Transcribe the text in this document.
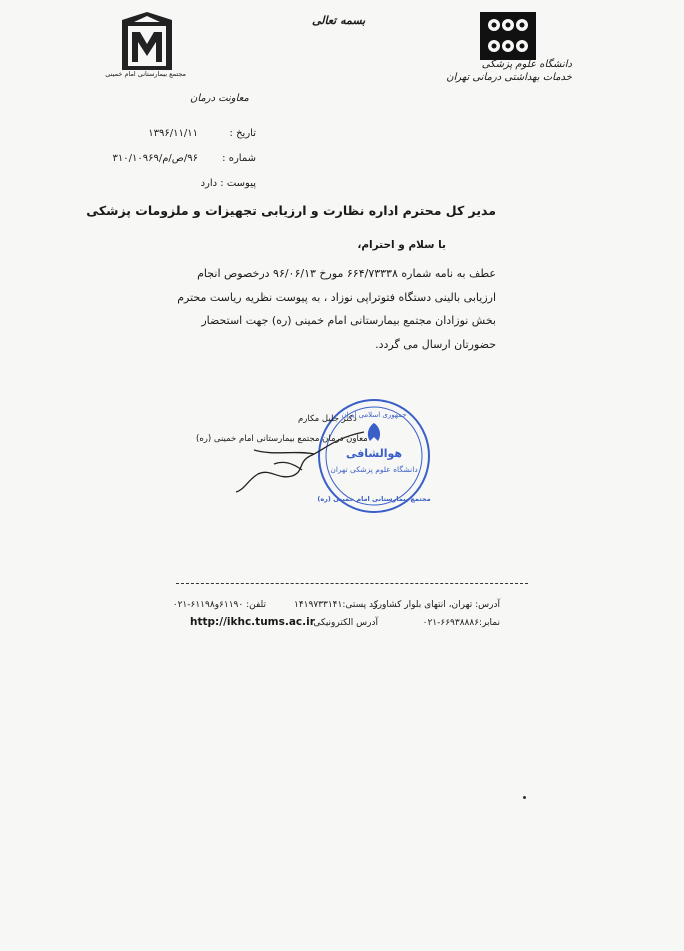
دانشگاه علوم پزشکی
خدمات بهداشتی درمانی تهران
مجتمع بیمارستانی امام خمینی
بسمه تعالی
معاونت درمان
تاریخ :
۱۳۹۶/۱۱/۱۱
شماره :
۹۶/ص/م/۳۱۰/۱۰۹۶۹
پیوست : دارد
مدیر کل محترم اداره نظارت و ارزیابی تجهیزات و ملزومات پزشکی
با سلام و احترام،
عطف به نامه شماره ۶۶۴/۷۳۳۳۸ مورخ ۹۶/۰۶/۱۳ درخصوص انجام ارزیابی بالینی دستگاه فتوتراپی نوزاد ، به پیوست نظریه ریاست محترم بخش نوزادان مجتمع بیمارستانی امام خمینی (ره) جهت استحضار حضورتان ارسال می گردد.
جمهوری اسلامی ایران
هوالشافی
دانشگاه علوم پزشکی تهران
مجتمع بیمارستانی امام خمینی (ره)
دکتر جلیل مکارم
معاون درمان مجتمع بیمارستانی امام خمینی (ره)
آدرس: تهران، انتهای بلوار کشاورز
کد پستی:۱۴۱۹۷۳۳۱۴۱
تلفن: ۶۱۱۹۰و۶۱۱۹۸-۰۲۱
نمابر:۶۶۹۳۸۸۸۶-۰۲۱
آدرس الکترونیکی:
http://ikhc.tums.ac.ir
